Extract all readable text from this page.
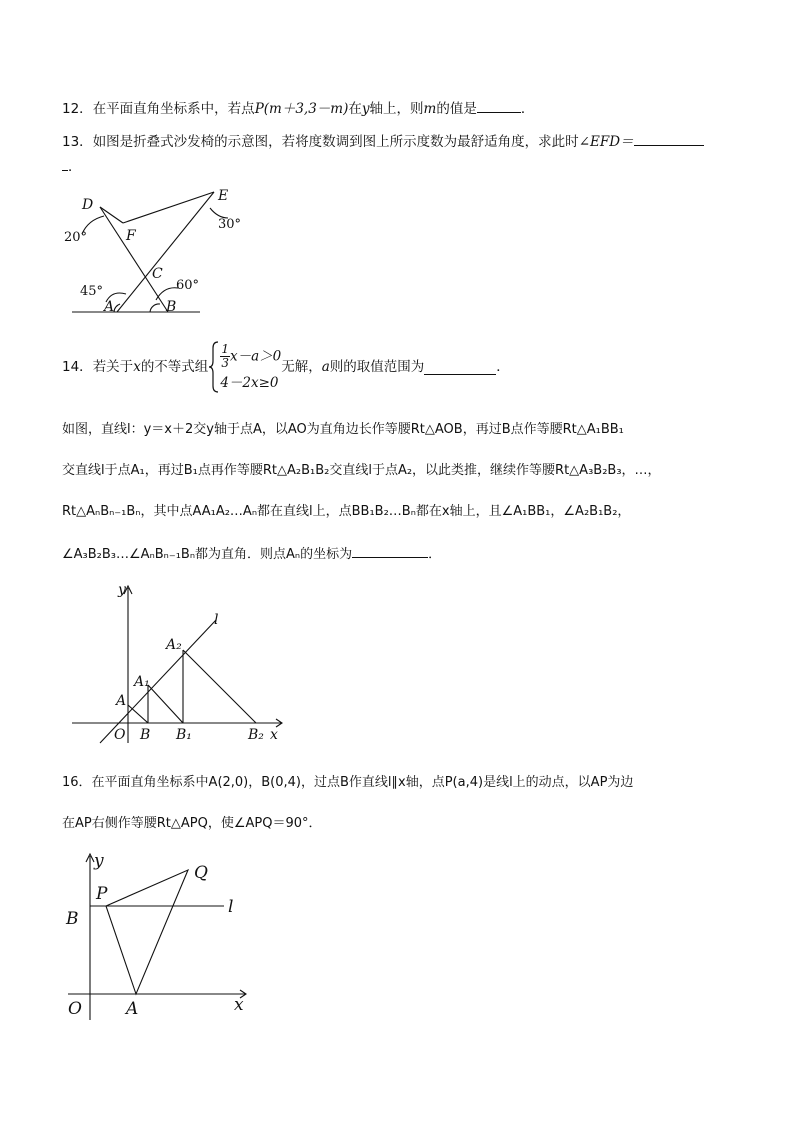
12．在平面直角坐标系中，若点P(m＋3,3－m)在y轴上，则m的值是	．
13．如图是折叠式沙发椅的示意图，若将度数调到图上所示度数为最舒适角度，求此时∠EFD＝
．
D
E
F
C
A	B
20°
30°
45°	60°
14．若关于x的不等式组 $\frac{1}{3} x-a>0$
4－2x≥0
无解，a则的取值范围为	．
如图，直线l：y＝x＋2交y轴于点A，以AO为直角边长作等腰Rt△AOB，再过B点作等腰Rt△A₁BB₁
交直线l于点A₁，再过B₁点再作等腰Rt△A₂B₁B₂交直线l于点A₂，以此类推，继续作等腰Rt△A₃B₂B₃，…，
Rt△AₙBₙ₋₁Bₙ，其中点AA₁A₂…Aₙ都在直线l上，点BB₁B₂…Bₙ都在x轴上，且∠A₁BB₁，∠A₂B₁B₂，
∠A₃B₂B₃…∠AₙBₙ₋₁Bₙ都为直角．则点Aₙ的坐标为	．
y
x
l
O
A
A₁
A₂
B B₁	B₂
16．在平面直角坐标系中A(2,0)，B(0,4)，过点B作直线l∥x轴，点P(a,4)是线l上的动点，以AP为边
在AP右侧作等腰Rt△APQ，使∠APQ＝90°．
y
x
l
O	A
B
P
Q
